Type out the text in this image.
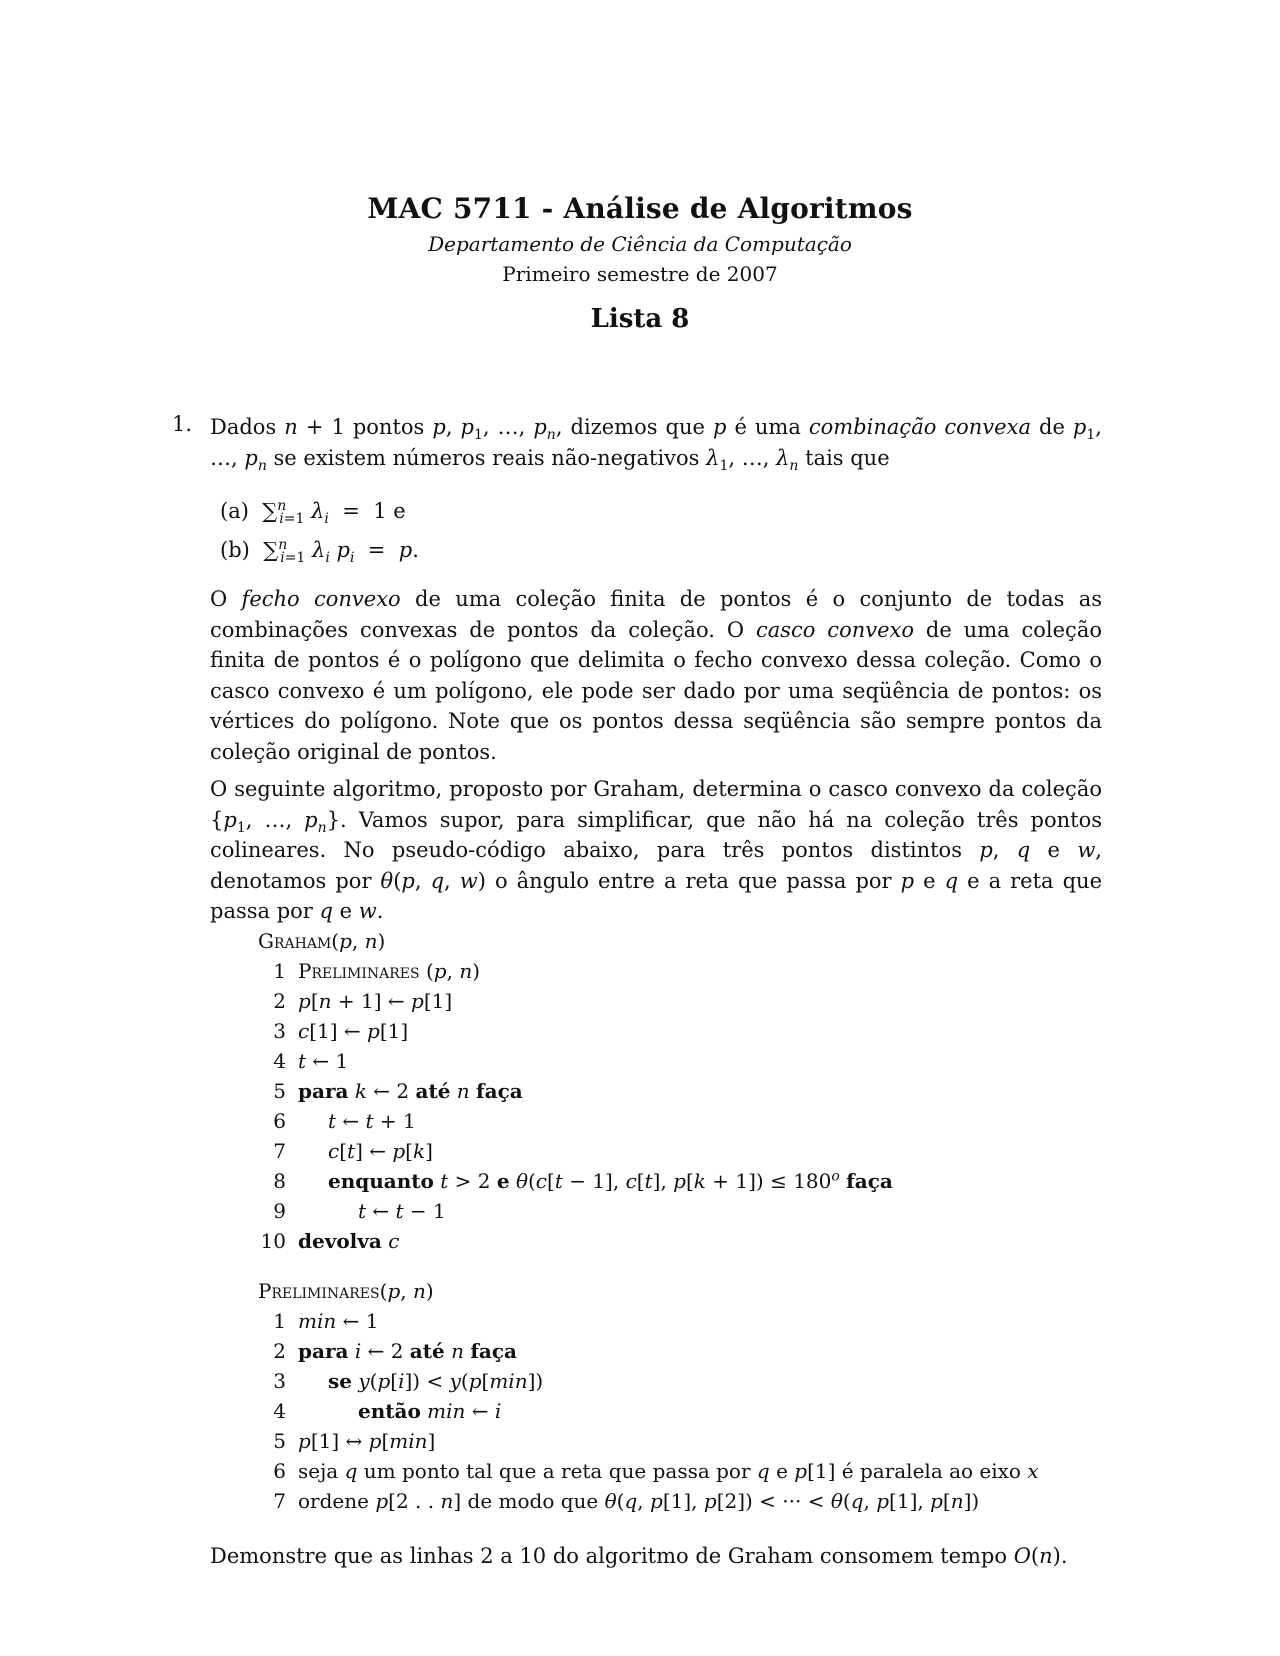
MAC 5711 - Análise de Algoritmos
Departamento de Ciência da Computação
Primeiro semestre de 2007
Lista 8
1. Dados n + 1 pontos p, $p_1$, …, $p_n$, dizemos que p é uma combinação convexa de $p_1$, …, $p_n$ se existem números reais não-negativos $\lambda_1$, …, $\lambda_n$ tais que
(a)  ∑$^n_{i=1}$ $\lambda_i = 1$ e
(b)  ∑$^n_{i=1}$ $\lambda_i$ $p_i = p$.
O fecho convexo de uma coleção finita de pontos é o conjunto de todas as combinações convexas de pontos da coleção. O casco convexo de uma coleção finita de pontos é o polígono que delimita o fecho convexo dessa coleção. Como o casco convexo é um polígono, ele pode ser dado por uma seqüência de pontos: os vértices do polígono. Note que os pontos dessa seqüência são sempre pontos da coleção original de pontos.
O seguinte algoritmo, proposto por Graham, determina o casco convexo da coleção {$p_1$, …, $p_n$}. Vamos supor, para simplificar, que não há na coleção três pontos colineares. No pseudo-código abaixo, para três pontos distintos p, q e w, denotamos por θ(p, q, w) o ângulo entre a reta que passa por p e q e a reta que passa por q e w.
Graham(p, n)
1 Preliminares (p, n)
2 p[n + 1] ← p[1]
3 c[1] ← p[1]
4 t ← 1
5 para k ← 2 até n faça
6 t ← t + 1
7 c[t] ← p[k]
8 enquanto t > 2 e θ(c[t − 1], c[t], $p[k + 1]) \le 180^o$ faça
9	t ← t − 1
10 devolva c
Preliminares(p, n)
1 min ← 1
2 para i ← 2 até n faça
3 se y(p[i]) < y(p[min])
4	então min ← i
5 p[1] ↔ p[min]
6 seja q um ponto tal que a reta que passa por q e p[1] é paralela ao eixo x
7 ordene p[2 . . n] de modo que θ(q, p[1], p[2]) < ··· < θ(q, p[1], p[n])
Demonstre que as linhas 2 a 10 do algoritmo de Graham consomem tempo O(n).
